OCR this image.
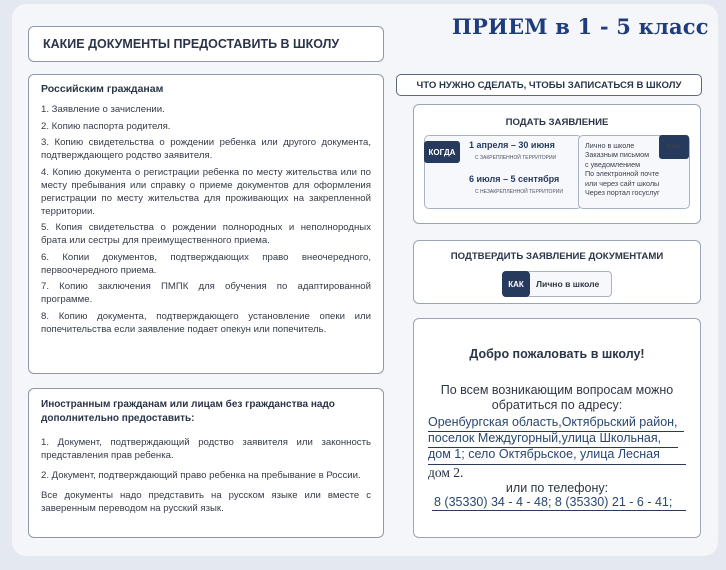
ПРИЕМ в 1 - 5 класс
КАКИЕ ДОКУМЕНТЫ ПРЕДОСТАВИТЬ В ШКОЛУ
Российским гражданам

1. Заявление о зачислении.

2. Копию паспорта родителя.

3. Копию свидетельства о рождении ребенка или другого документа, подтверждающего родство заявителя.

4. Копию документа о регистрации ребенка по месту жительства или по месту пребывания или справку о приеме документов для оформления регистрации по месту жительства для проживающих на закрепленной территории.

5. Копия свидетельства о рождении полнородных и неполнородных брата или сестры для преимущественного приема.

6. Копии документов, подтверждающих право внеочередного, первоочередного приема.

7. Копию заключения ПМПК для обучения по адаптированной программе.

8. Копию документа, подтверждающего установление опеки или попечительства если заявление подает опекун или попечитель.

Иностранным гражданам или лицам без гражданства надо дополнительно предоставить:

1. Документ, подтверждающий родство заявителя или законность представления прав ребенка.

2. Документ, подтверждающий право ребенка на пребывание в России.

Все документы надо представить на русском языке или вместе с заверенным переводом на русский язык.

ЧТО НУЖНО СДЕЛАТЬ, ЧТОБЫ ЗАПИСАТЬСЯ В ШКОЛУ
ПОДАТЬ ЗАЯВЛЕНИЕ
КОГДА
1 апреля – 30 июня
С ЗАКРЕПЛЕННОЙ ТЕРРИТОРИИ
6 июля – 5 сентября
С НЕЗАКРЕПЛЕННОЙ ТЕРРИТОРИИ
Лично в школе
Заказным письмом
с уведомлением
По электронной почте
или через сайт школы
Через портал госуслуг
КАК
ПОДТВЕРДИТЬ ЗАЯВЛЕНИЕ ДОКУМЕНТАМИ
КАК	Лично в школе
Добро пожаловать в школу!
По всем возникающим вопросам можно
обратиться по адресу:
Оренбургская область,Октябрьский район,
поселок Междугорный,улица Школьная,
дом 1; село Октябрьское, улица Лесная
дом 2.
или по телефону:
8 (35330) 34 - 4 - 48; 8 (35330) 21 - 6 - 41;
